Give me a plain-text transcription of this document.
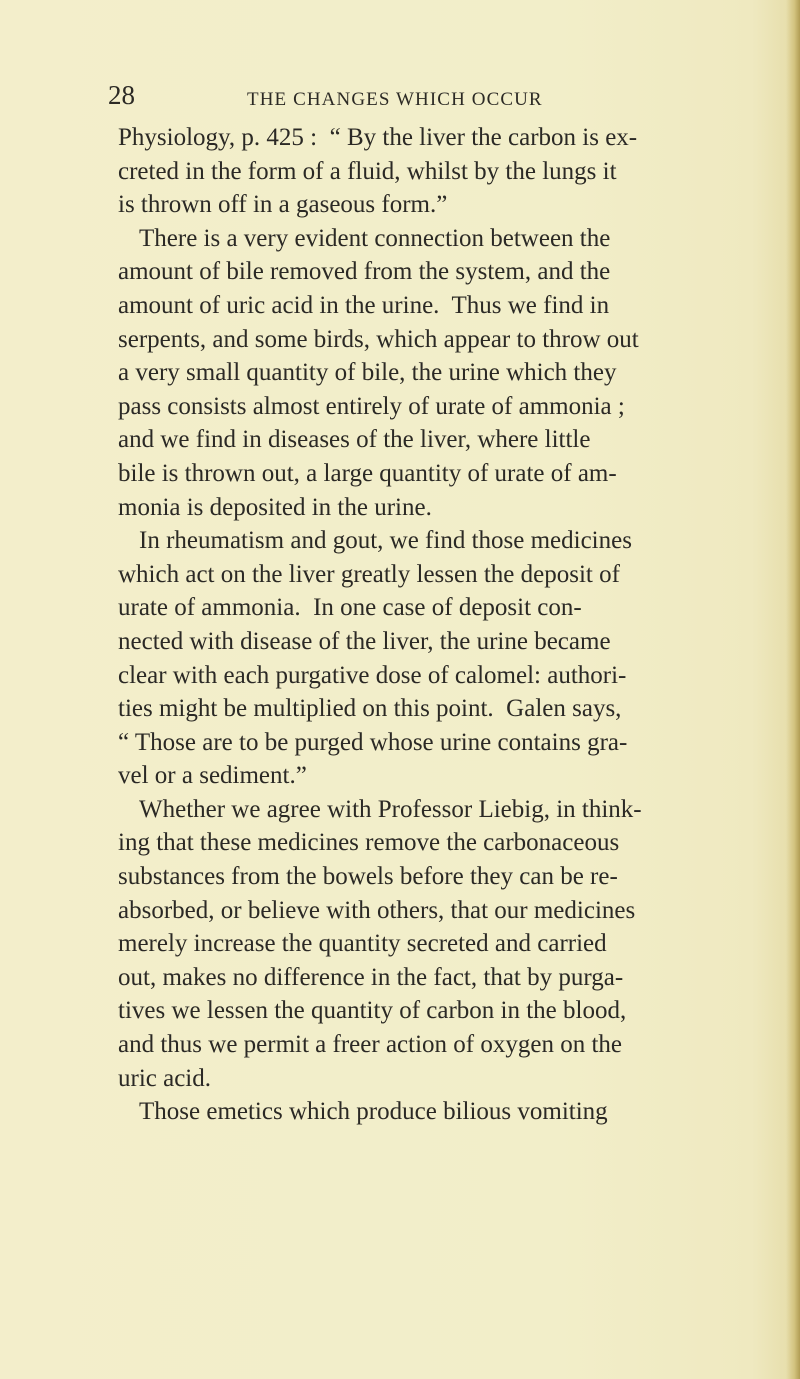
28	THE CHANGES WHICH OCCUR
Physiology, p. 425 :  “ By the liver the carbon is ex-
creted in the form of a fluid, whilst by the lungs it
is thrown off in a gaseous form.”
There is a very evident connection between the
amount of bile removed from the system, and the
amount of uric acid in the urine.  Thus we find in
serpents, and some birds, which appear to throw out
a very small quantity of bile, the urine which they
pass consists almost entirely of urate of ammonia ;
and we find in diseases of the liver, where little
bile is thrown out, a large quantity of urate of am-
monia is deposited in the urine.
In rheumatism and gout, we find those medicines
which act on the liver greatly lessen the deposit of
urate of ammonia.  In one case of deposit con-
nected with disease of the liver, the urine became
clear with each purgative dose of calomel: authori-
ties might be multiplied on this point.  Galen says,
“ Those are to be purged whose urine contains gra-
vel or a sediment.”
Whether we agree with Professor Liebig, in think-
ing that these medicines remove the carbonaceous
substances from the bowels before they can be re-
absorbed, or believe with others, that our medicines
merely increase the quantity secreted and carried
out, makes no difference in the fact, that by purga-
tives we lessen the quantity of carbon in the blood,
and thus we permit a freer action of oxygen on the
uric acid.
Those emetics which produce bilious vomiting
